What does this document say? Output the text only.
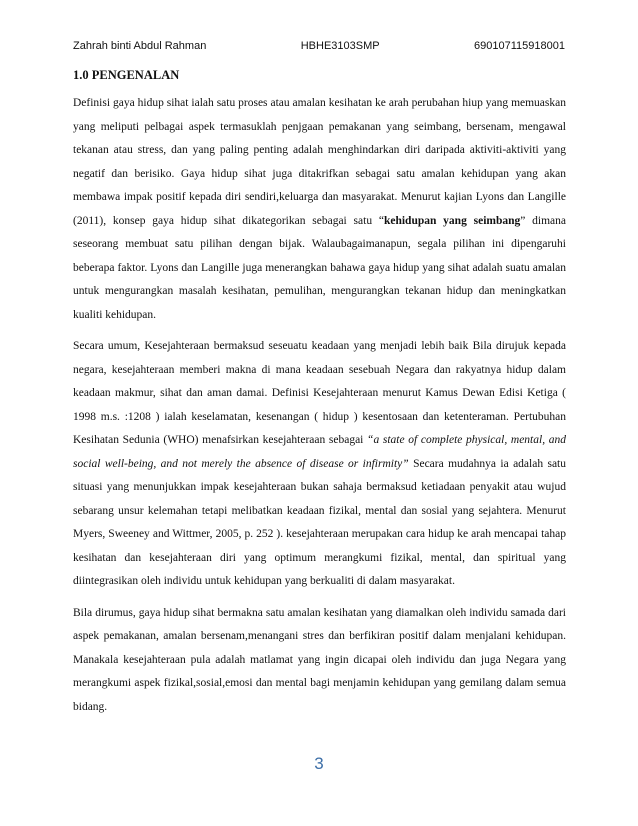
Zahrah binti Abdul Rahman	HBHE3103SMP	690107115918001
1.0 PENGENALAN

Definisi gaya hidup sihat ialah satu proses atau amalan kesihatan ke arah perubahan hiup yang memuaskan yang meliputi pelbagai aspek termasuklah penjgaan pemakanan yang seimbang, bersenam, mengawal tekanan atau stress, dan yang paling penting adalah menghindarkan diri daripada aktiviti-aktiviti yang negatif dan berisiko. Gaya hidup sihat juga ditakrifkan sebagai satu amalan kehidupan yang akan membawa impak positif kepada diri sendiri,keluarga dan masyarakat. Menurut kajian Lyons dan Langille (2011), konsep gaya hidup sihat dikategorikan sebagai satu “kehidupan yang seimbang” dimana seseorang membuat satu pilihan dengan bijak. Walaubagaimanapun, segala pilihan ini dipengaruhi beberapa faktor. Lyons dan Langille juga menerangkan bahawa gaya hidup yang sihat adalah suatu amalan untuk mengurangkan masalah kesihatan, pemulihan, mengurangkan tekanan hidup dan meningkatkan kualiti kehidupan.

Secara umum, Kesejahteraan bermaksud seseuatu keadaan yang menjadi lebih baik Bila dirujuk kepada negara, kesejahteraan memberi makna di mana keadaan sesebuah Negara dan rakyatnya hidup dalam keadaan makmur, sihat dan aman damai. Definisi Kesejahteraan menurut Kamus Dewan Edisi Ketiga ( 1998 m.s. :1208 ) ialah keselamatan, kesenangan ( hidup ) kesentosaan dan ketenteraman. Pertubuhan Kesihatan Sedunia (WHO) menafsirkan kesejahteraan sebagai “a state of complete physical, mental, and social well-being, and not merely the absence of disease or infirmity” Secara mudahnya ia adalah satu situasi yang menunjukkan impak kesejahteraan bukan sahaja bermaksud ketiadaan penyakit atau wujud sebarang unsur kelemahan tetapi melibatkan keadaan fizikal, mental dan sosial yang sejahtera. Menurut Myers, Sweeney and Wittmer, 2005, p. 252 ). kesejahteraan merupakan cara hidup ke arah mencapai tahap kesihatan dan kesejahteraan diri yang optimum merangkumi fizikal, mental, dan spiritual yang diintegrasikan oleh individu untuk kehidupan yang berkualiti di dalam masyarakat.

Bila dirumus, gaya hidup sihat bermakna satu amalan kesihatan yang diamalkan oleh individu samada dari aspek pemakanan, amalan bersenam,menangani stres dan berfikiran positif dalam menjalani kehidupan. Manakala kesejahteraan pula adalah matlamat yang ingin dicapai oleh individu dan juga Negara yang merangkumi aspek fizikal,sosial,emosi dan mental bagi menjamin kehidupan yang gemilang dalam semua bidang.

3
